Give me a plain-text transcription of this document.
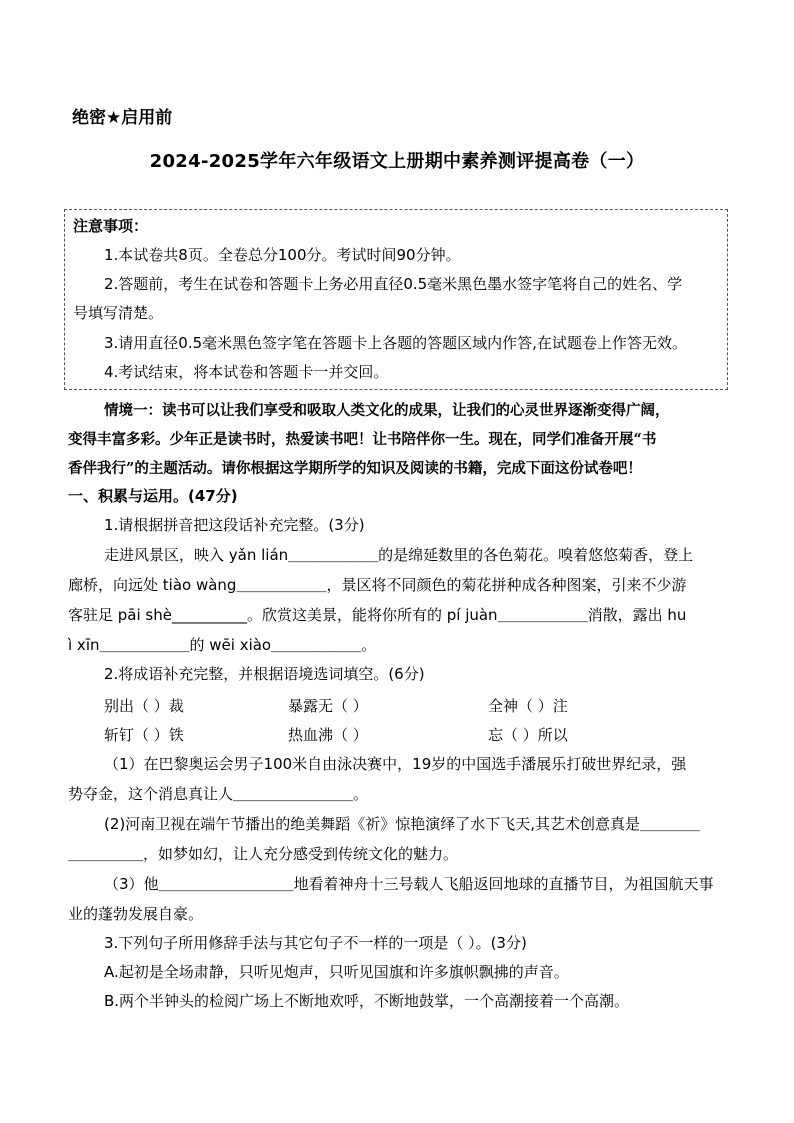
绝密★启用前
2024-2025学年六年级语文上册期中素养测评提高卷（一）
注意事项：
1.本试卷共8页。全卷总分100分。考试时间90分钟。
2.答题前，考生在试卷和答题卡上务必用直径0.5毫米黑色墨水签字笔将自己的姓名、学
号填写清楚。
3.请用直径0.5毫米黑色签字笔在答题卡上各题的答题区域内作答,在试题卷上作答无效。
4.考试结束，将本试卷和答题卡一并交回。
情境一：读书可以让我们享受和吸取人类文化的成果，让我们的心灵世界逐渐变得广阔，
变得丰富多彩。少年正是读书时，热爱读书吧！让书陪伴你一生。现在，同学们准备开展“书
香伴我行”的主题活动。请你根据这学期所学的知识及阅读的书籍，完成下面这份试卷吧！
一、积累与运用。(47分)
1.请根据拼音把这段话补充完整。(3分)
走进风景区，映入 yǎn lián＿＿＿＿＿＿的是绵延数里的各色菊花。嗅着悠悠菊香，登上
廊桥，向远处 tiào wàng＿＿＿＿＿＿，景区将不同颜色的菊花拼种成各种图案，引来不少游
客驻足 pāi shè__________。欣赏这美景，能将你所有的 pí juàn＿＿＿＿＿＿消散，露出 hu
ì xīn＿＿＿＿＿＿的 wēi xiào＿＿＿＿＿＿。
2.将成语补充完整，并根据语境选词填空。(6分)
别出（ ）裁	暴露无（ ）	全神（ ）注
斩钉（ ）铁	热血沸（ ）	忘（ ）所以
（1）在巴黎奥运会男子100米自由泳决赛中，19岁的中国选手潘展乐打破世界纪录，强
势夺金，这个消息真让人＿＿＿＿＿＿＿＿。
(2)河南卫视在端午节播出的绝美舞蹈《祈》惊艳演绎了水下飞天,其艺术创意真是＿＿＿＿
＿＿＿＿＿，如梦如幻，让人充分感受到传统文化的魅力。
（3）他＿＿＿＿＿＿＿＿＿地看着神舟十三号载人飞船返回地球的直播节目，为祖国航天事
业的蓬勃发展自豪。
3.下列句子所用修辞手法与其它句子不一样的一项是（ ）。(3分)
A.起初是全场肃静，只听见炮声，只听见国旗和许多旗帜飘拂的声音。
B.两个半钟头的检阅广场上不断地欢呼，不断地鼓掌，一个高潮接着一个高潮。
